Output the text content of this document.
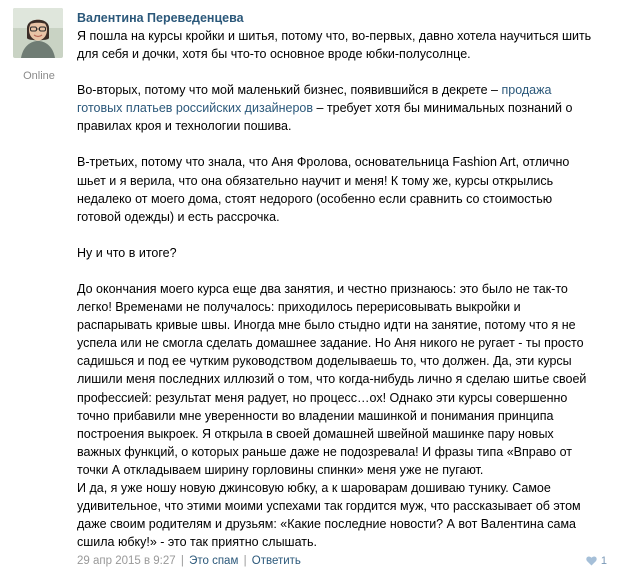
Online
Валентина Переведенцева

Я пошла на курсы кройки и шитья, потому что, во-первых, давно хотела научиться шить для себя и дочки, хотя бы что-то основное вроде юбки-полусолнце.

Во-вторых, потому что мой маленький бизнес, появившийся в декрете – продажа готовых платьев российских дизайнеров – требует хотя бы минимальных познаний о правилах кроя и технологии пошива.

В-третьих, потому что знала, что Аня Фролова, основательница Fashion Art, отлично шьет и я верила, что она обязательно научит и меня! К тому же, курсы открылись недалеко от моего дома, стоят недорого (особенно если сравнить со стоимостью готовой одежды) и есть рассрочка.

Ну и что в итоге?

До окончания моего курса еще два занятия, и честно признаюсь: это было не так-то легко! Временами не получалось: приходилось перерисовывать выкройки и распарывать кривые швы. Иногда мне было стыдно идти на занятие, потому что я не успела или не смогла сделать домашнее задание. Но Аня никого не ругает - ты просто садишься и под ее чутким руководством доделываешь то, что должен. Да, эти курсы лишили меня последних иллюзий о том, что когда-нибудь лично я сделаю шитье своей профессией: результат меня радует, но процесс…ох! Однако эти курсы совершенно точно прибавили мне уверенности во владении машинкой и понимания принципа построения выкроек. Я открыла в своей домашней швейной машинке пару новых важных функций, о которых раньше даже не подозревала! И фразы типа «Вправо от точки А откладываем ширину горловины спинки» меня уже не пугают.

И да, я уже ношу новую джинсовую юбку, а к шароварам дошиваю тунику. Самое удивительное, что этими моими успехами так гордится муж, что рассказывает об этом даже своим родителям и друзьям: «Какие последние новости? А вот Валентина сама сшила юбку!» - это так приятно слышать.

29 апр 2015 в 9:27 | Это спам | Ответить	1
